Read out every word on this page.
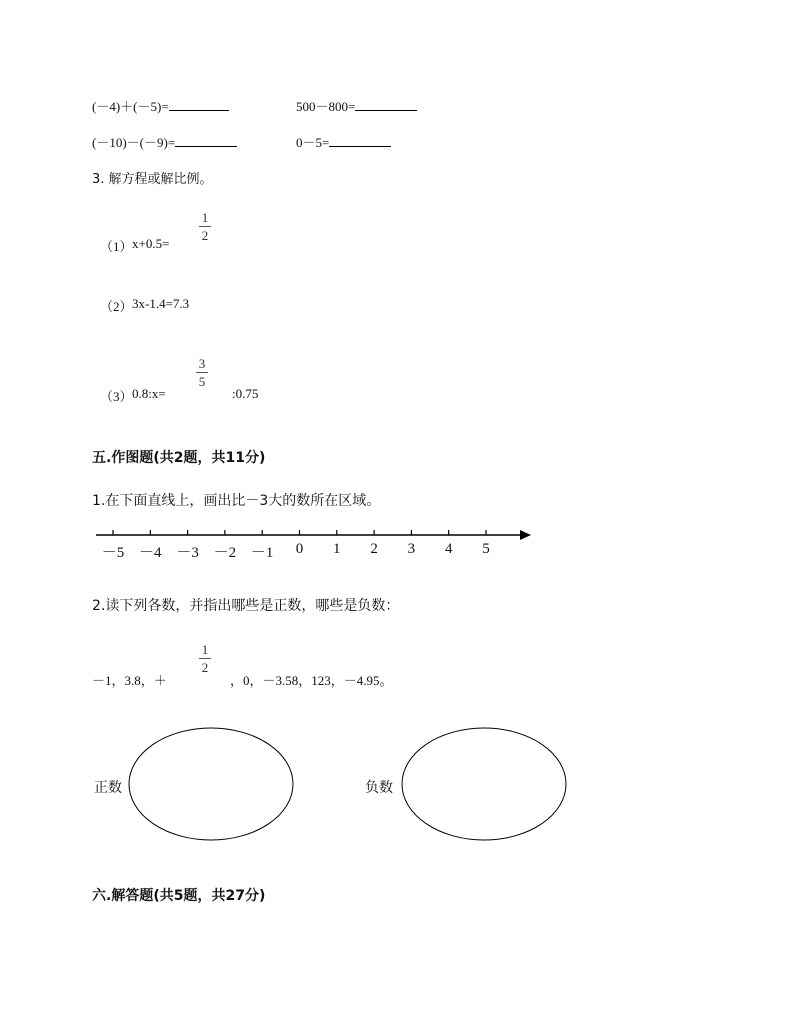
(－4)＋(－5)=	500－800=
(－10)－(－9)=	0－5=
3. 解方程或解比例。
（1） x+0.5=
1
2
（2） 3x-1.4=7.3
（3） 0.8:x=
3
5
:0.75
五.作图题(共2题，共11分)
1.在下面直线上，画出比－3大的数所在区域。
－5 －4 －3 －2 －1	0	1	2	3	4	5
2.读下列各数，并指出哪些是正数，哪些是负数：
－1，3.8，＋
1
2
，0，－3.58，123，－4.95。
正数	负数
六.解答题(共5题，共27分)
